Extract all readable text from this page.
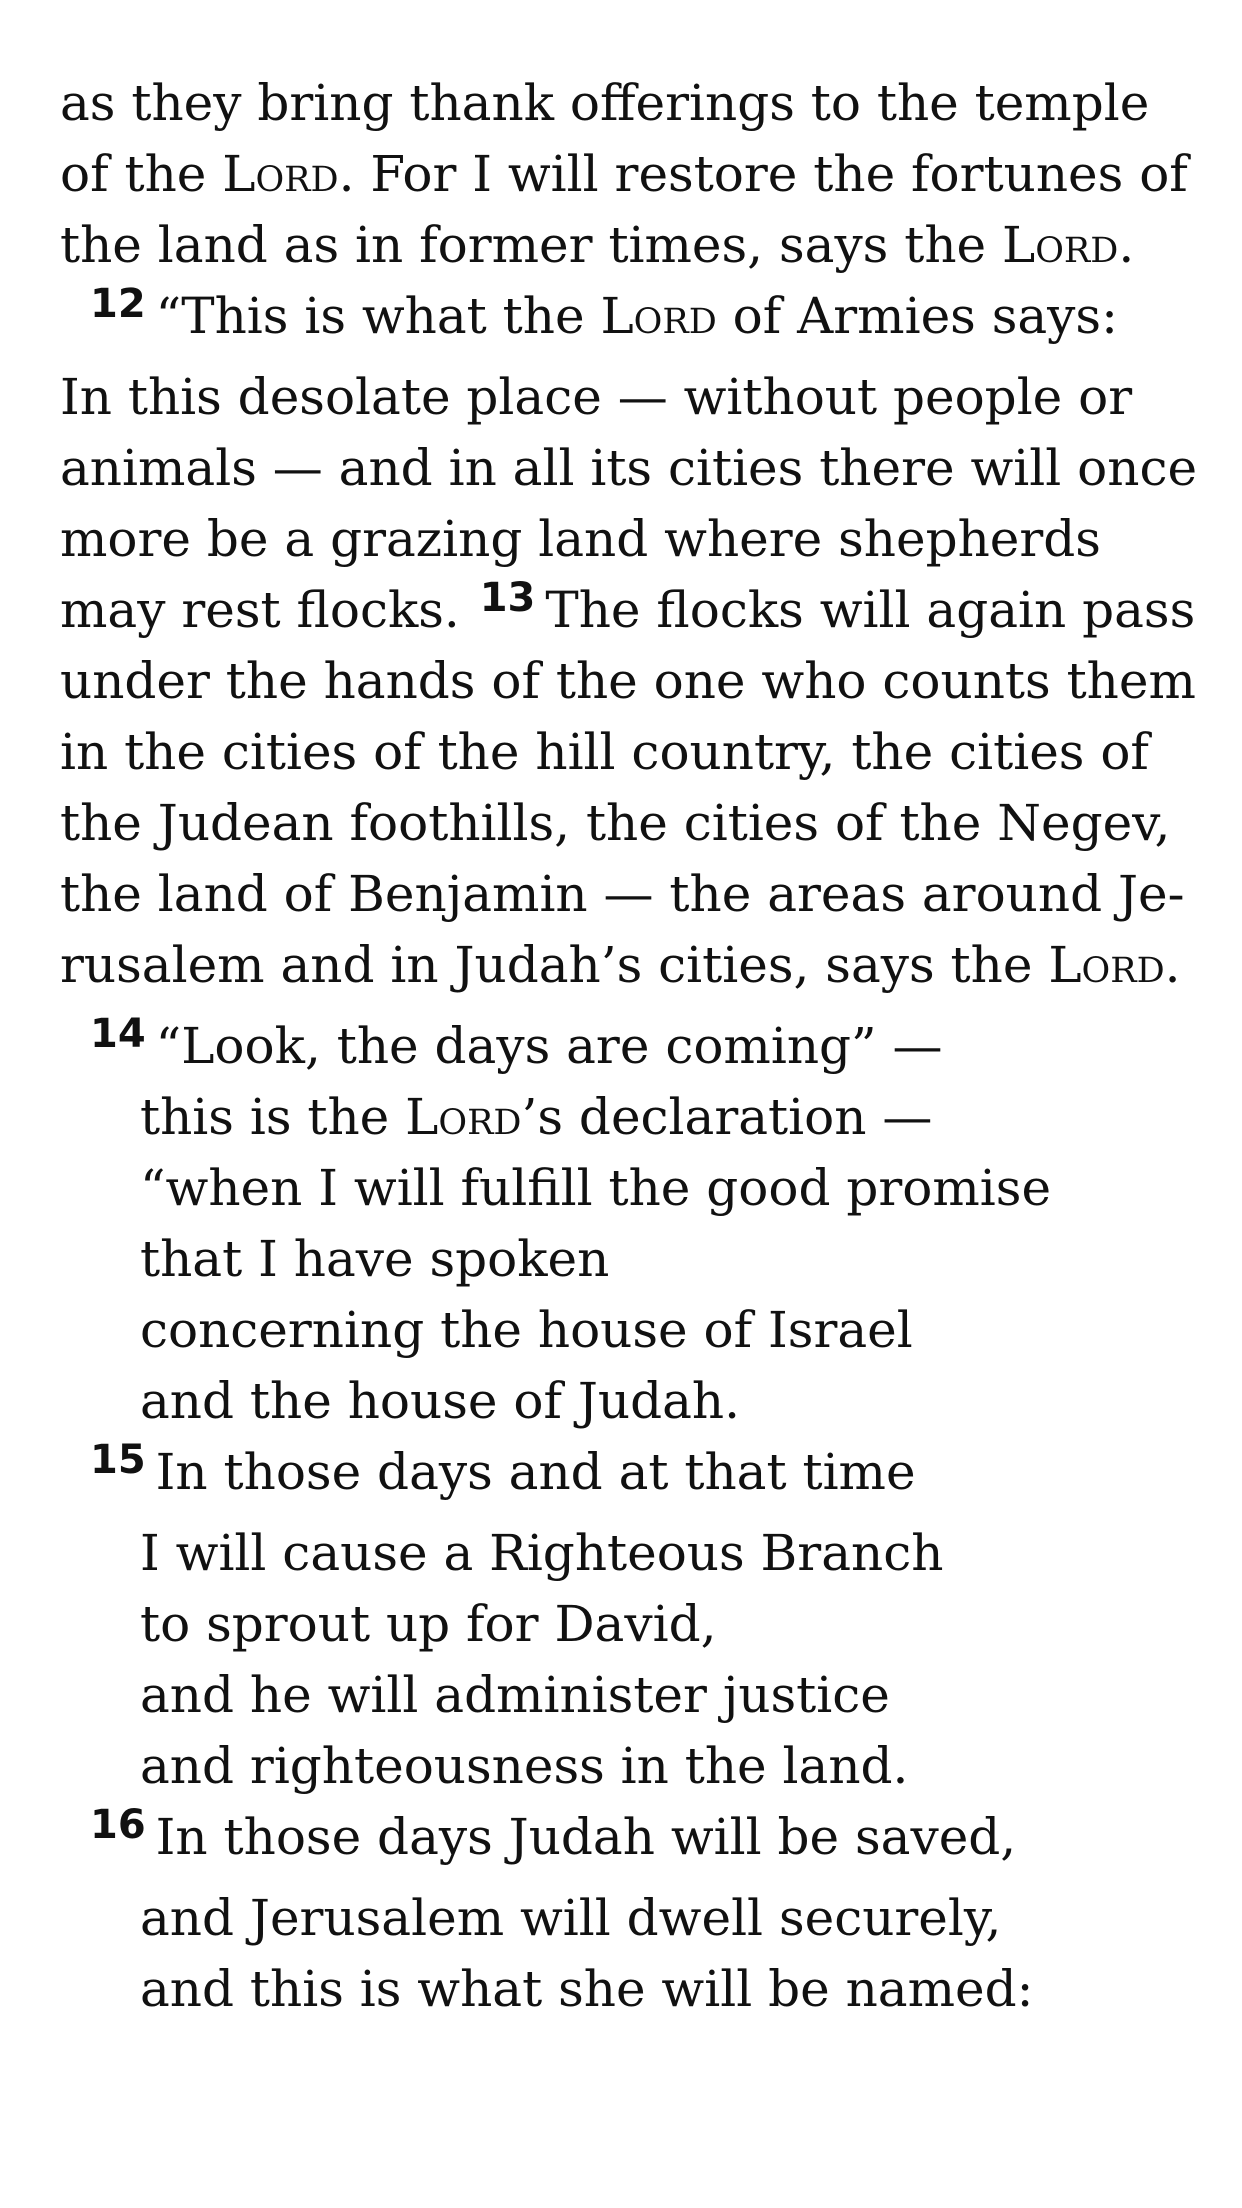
as they bring thank offerings to the temple
of the Lord. For I will restore the fortunes of
the land as in former times, says the Lord.
$^{12}$ “This is what the Lord of Armies says:
In this desolate place — without people or
animals — and in all its cities there will once
more be a grazing land where shepherds
may rest flocks. $^{13}$ The flocks will again pass
under the hands of the one who counts them
in the cities of the hill country, the cities of
the Judean foothills, the cities of the Negev,
the land of Benjamin — the areas around Je-
rusalem and in Judah’s cities, says the Lord.
$^{14}$ “Look, the days are coming” —
this is the Lord’s declaration —
“when I will fulfill the good promise
that I have spoken
concerning the house of Israel
and the house of Judah.
$^{15}$ In those days and at that time
I will cause a Righteous Branch
to sprout up for David,
and he will administer justice
and righteousness in the land.
$^{16}$ In those days Judah will be saved,
and Jerusalem will dwell securely,
and this is what she will be named:
